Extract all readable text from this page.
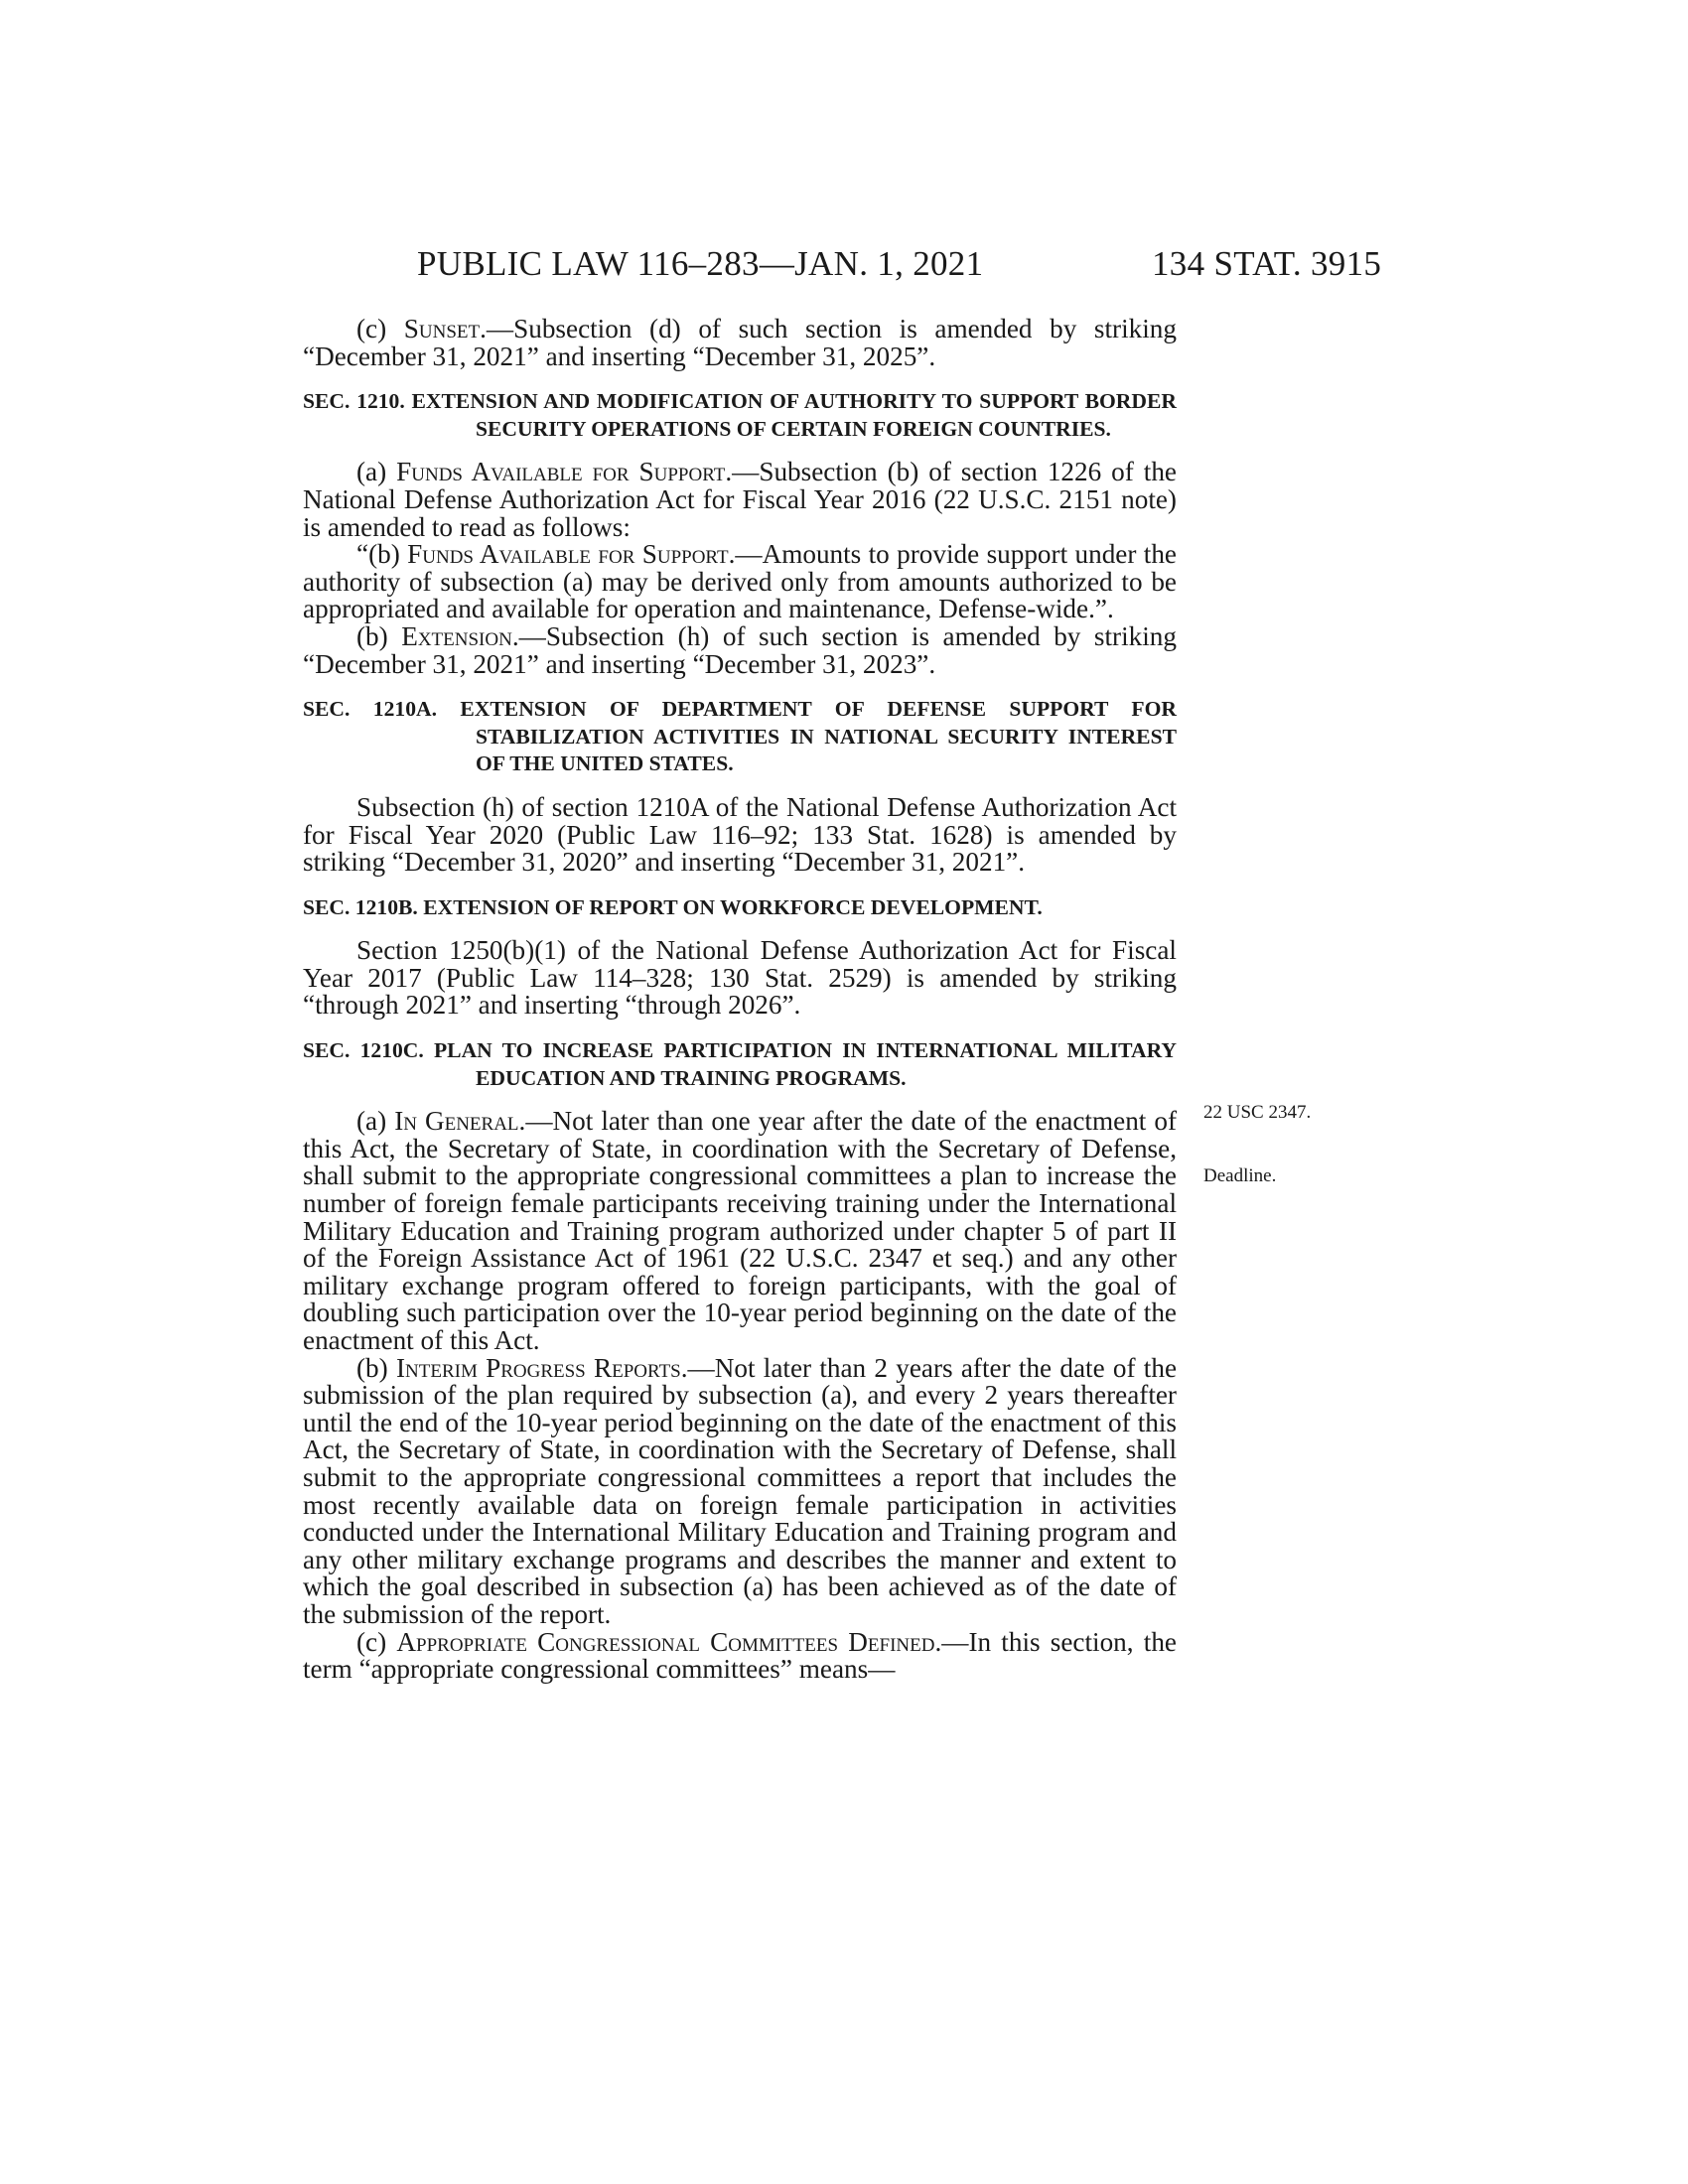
PUBLIC LAW 116–283—JAN. 1, 2021	134 STAT. 3915

(c) Sunset.—Subsection (d) of such section is amended by striking “December 31, 2021” and inserting “December 31, 2025”.

SEC. 1210. EXTENSION AND MODIFICATION OF AUTHORITY TO SUPPORT BORDER SECURITY OPERATIONS OF CERTAIN FOREIGN COUNTRIES.

(a) Funds Available for Support.—Subsection (b) of section 1226 of the National Defense Authorization Act for Fiscal Year 2016 (22 U.S.C. 2151 note) is amended to read as follows:

“(b) Funds Available for Support.—Amounts to provide support under the authority of subsection (a) may be derived only from amounts authorized to be appropriated and available for operation and maintenance, Defense-wide.”.

(b) Extension.—Subsection (h) of such section is amended by striking “December 31, 2021” and inserting “December 31, 2023”.

SEC. 1210A. EXTENSION OF DEPARTMENT OF DEFENSE SUPPORT FOR STABILIZATION ACTIVITIES IN NATIONAL SECURITY INTEREST OF THE UNITED STATES.

Subsection (h) of section 1210A of the National Defense Authorization Act for Fiscal Year 2020 (Public Law 116–92; 133 Stat. 1628) is amended by striking “December 31, 2020” and inserting “December 31, 2021”.

SEC. 1210B. EXTENSION OF REPORT ON WORKFORCE DEVELOPMENT.

Section 1250(b)(1) of the National Defense Authorization Act for Fiscal Year 2017 (Public Law 114–328; 130 Stat. 2529) is amended by striking “through 2021” and inserting “through 2026”.

SEC. 1210C. PLAN TO INCREASE PARTICIPATION IN INTERNATIONAL MILITARY EDUCATION AND TRAINING PROGRAMS.

(a) In General.—Not later than one year after the date of the enactment of this Act, the Secretary of State, in coordination with the Secretary of Defense, shall submit to the appropriate congressional committees a plan to increase the number of foreign female participants receiving training under the International Military Education and Training program authorized under chapter 5 of part II of the Foreign Assistance Act of 1961 (22 U.S.C. 2347 et seq.) and any other military exchange program offered to foreign participants, with the goal of doubling such participation over the 10-year period beginning on the date of the enactment of this Act.

(b) Interim Progress Reports.—Not later than 2 years after the date of the submission of the plan required by subsection (a), and every 2 years thereafter until the end of the 10-year period beginning on the date of the enactment of this Act, the Secretary of State, in coordination with the Secretary of Defense, shall submit to the appropriate congressional committees a report that includes the most recently available data on foreign female participation in activities conducted under the International Military Education and Training program and any other military exchange programs and describes the manner and extent to which the goal described in subsection (a) has been achieved as of the date of the submission of the report.

(c) Appropriate Congressional Committees Defined.—In this section, the term “appropriate congressional committees” means—

22 USC 2347.
Deadline.
